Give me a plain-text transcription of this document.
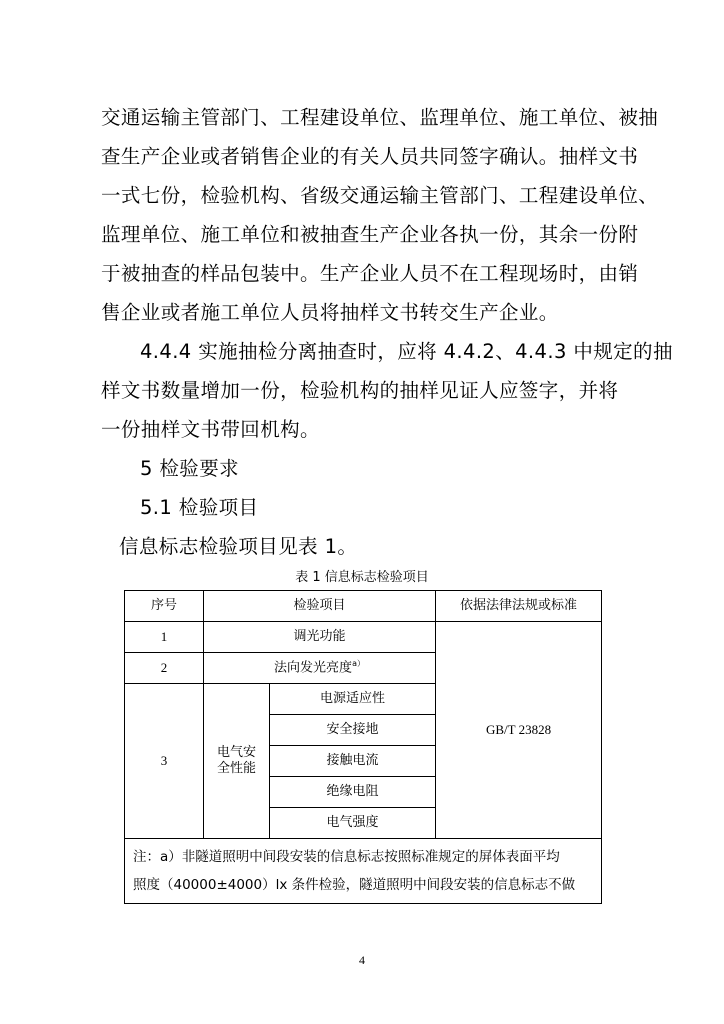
交通运输主管部门、工程建设单位、监理单位、施工单位、被抽
查生产企业或者销售企业的有关人员共同签字确认。抽样文书
一式七份，检验机构、省级交通运输主管部门、工程建设单位、
监理单位、施工单位和被抽查生产企业各执一份，其余一份附
于被抽查的样品包装中。生产企业人员不在工程现场时，由销
售企业或者施工单位人员将抽样文书转交生产企业。
4.4.4 实施抽检分离抽查时，应将 4.4.2、4.4.3 中规定的抽
样文书数量增加一份，检验机构的抽样见证人应签字，并将
一份抽样文书带回机构。
5 检验要求
5.1 检验项目
信息标志检验项目见表 1。
表 1 信息标志检验项目
序号	检验项目		依据法律法规或标准
1	调光功能		GB/T 23828
2	法向发光亮度$^{a)}$
3	电气安全性能	电源适应性	
		安全接地	
		接触电流	
		绝缘电阻	
		电气强度	

注：a）非隧道照明中间段安装的信息标志按照标准规定的屏体表面平均
照度（40000±4000）lx 条件检验，隧道照明中间段安装的信息标志不做			
4
